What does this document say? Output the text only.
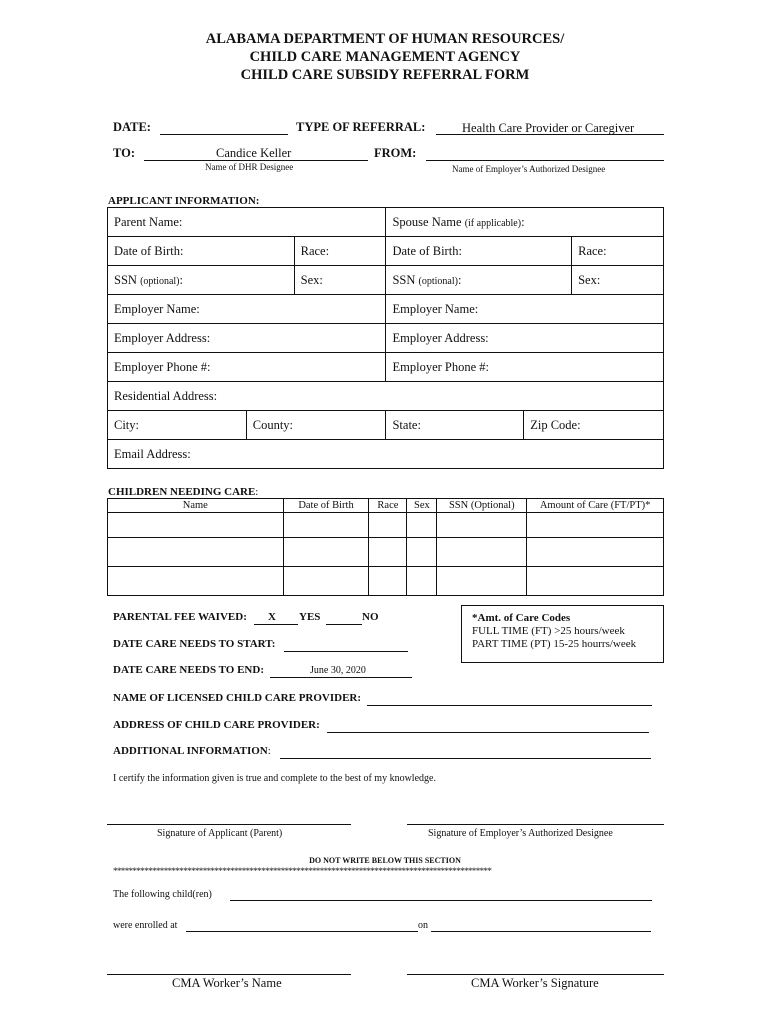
ALABAMA DEPARTMENT OF HUMAN RESOURCES/
CHILD CARE MANAGEMENT AGENCY
CHILD CARE SUBSIDY REFERRAL FORM
DATE:	TYPE OF REFERRAL:	Health Care Provider or Caregiver
TO:	Candice Keller
Name of DHR Designee
FROM:
Name of Employer’s Authorized Designee
APPLICANT INFORMATION:
Parent Name:			Spouse Name (if applicable):		
Date of Birth:		Race:	Date of Birth:		Race:
SSN (optional):		Sex:	SSN (optional):		Sex:
Employer Name:			Employer Name:		
Employer Address:			Employer Address:		
Employer Phone #:			Employer Phone #:		
Residential Address:					
City:	County:		State:	Zip Code:	
Email Address:					
CHILDREN NEEDING CARE:
Name	Date of Birth	Race	Sex	SSN (Optional)	Amount of Care (FT/PT)*

PARENTAL FEE WAIVED: X YES	NO	*Amt. of Care Codes
FULL TIME (FT) >25 hours/week
PART TIME (PT) 15-25 hourrs/week
DATE CARE NEEDS TO START:
DATE CARE NEEDS TO END:	June 30, 2020
NAME OF LICENSED CHILD CARE PROVIDER:
ADDRESS OF CHILD CARE PROVIDER:
ADDITIONAL INFORMATION:
I certify the information given is true and complete to the best of my knowledge.
Signature of Applicant (Parent)	Signature of Employer’s Authorized Designee
DO NOT WRITE BELOW THIS SECTION
*************************************************************************************************
The following child(ren)
were enrolled at	on
CMA Worker’s Name	CMA Worker’s Signature
